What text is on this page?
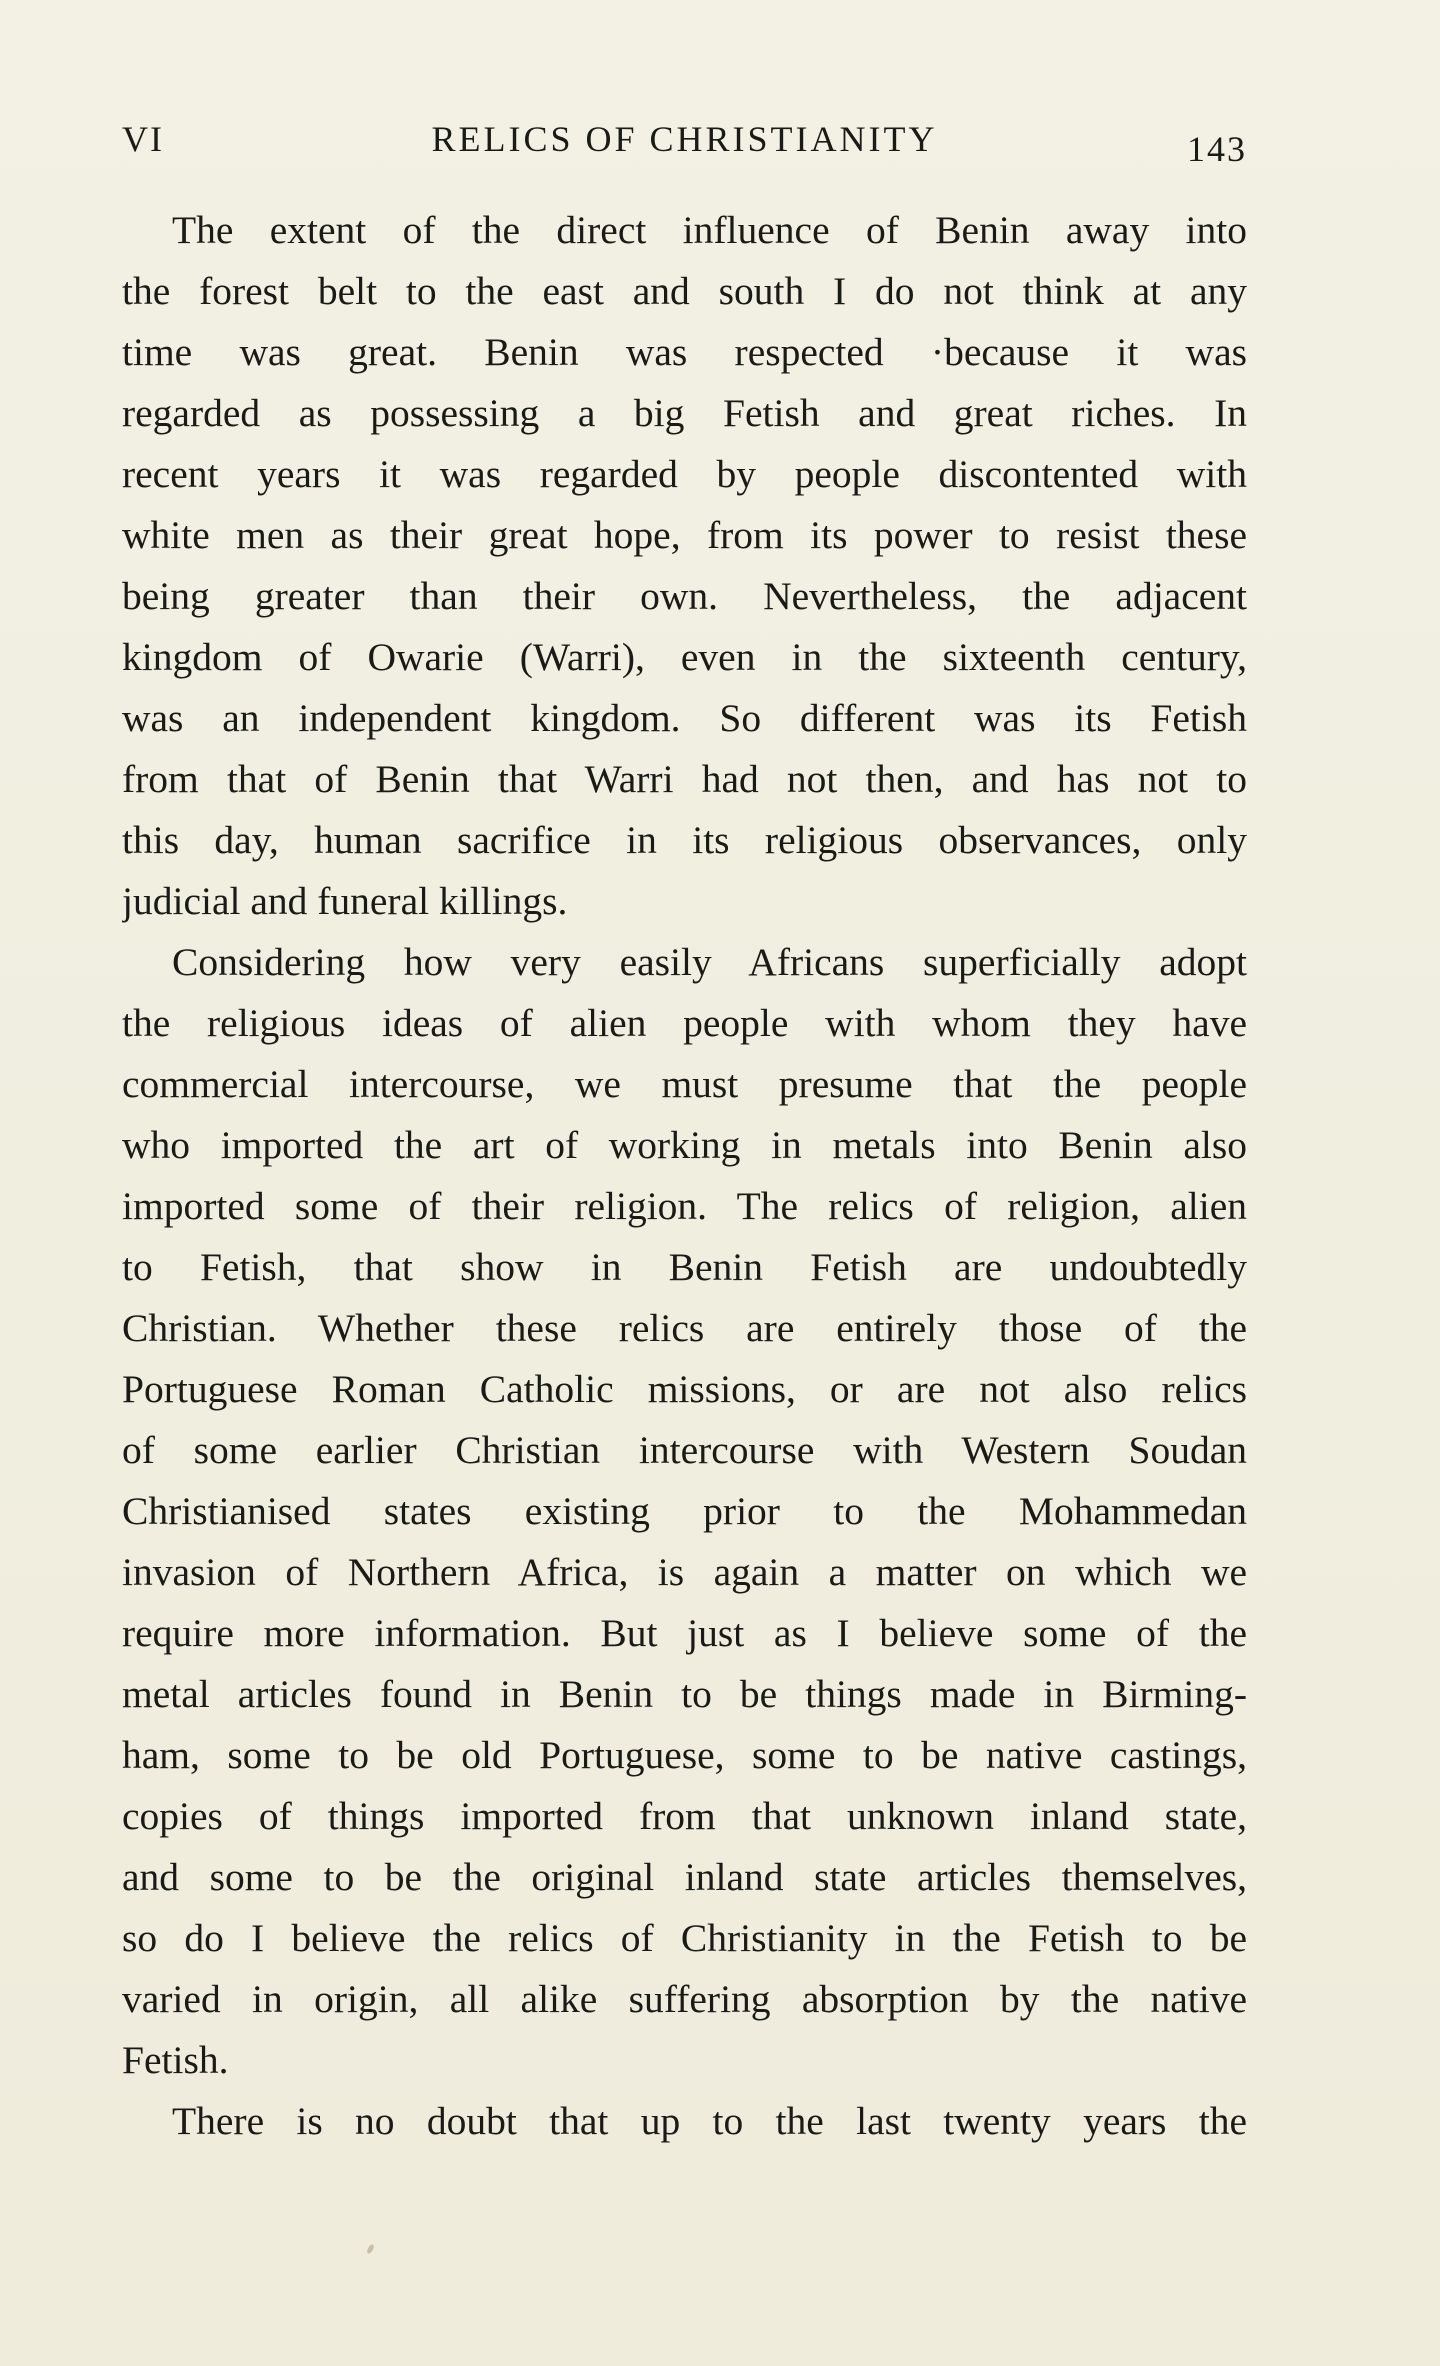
VI	RELICS OF CHRISTIANITY	143
The extent of the direct influence of Benin away into
the forest belt to the east and south I do not think at any
time was great. Benin was respected ·because it was
regarded as possessing a big Fetish and great riches. In
recent years it was regarded by people discontented with
white men as their great hope, from its power to resist these
being greater than their own. Nevertheless, the adjacent
kingdom of Owarie (Warri), even in the sixteenth century,
was an independent kingdom. So different was its Fetish
from that of Benin that Warri had not then, and has not to
this day, human sacrifice in its religious observances, only
judicial and funeral killings.
Considering how very easily Africans superficially adopt
the religious ideas of alien people with whom they have
commercial intercourse, we must presume that the people
who imported the art of working in metals into Benin also
imported some of their religion. The relics of religion, alien
to Fetish, that show in Benin Fetish are undoubtedly
Christian. Whether these relics are entirely those of the
Portuguese Roman Catholic missions, or are not also relics
of some earlier Christian intercourse with Western Soudan
Christianised states existing prior to the Mohammedan
invasion of Northern Africa, is again a matter on which we
require more information. But just as I believe some of the
metal articles found in Benin to be things made in Birming-
ham, some to be old Portuguese, some to be native castings,
copies of things imported from that unknown inland state,
and some to be the original inland state articles themselves,
so do I believe the relics of Christianity in the Fetish to be
varied in origin, all alike suffering absorption by the native
Fetish.
There is no doubt that up to the last twenty years the
